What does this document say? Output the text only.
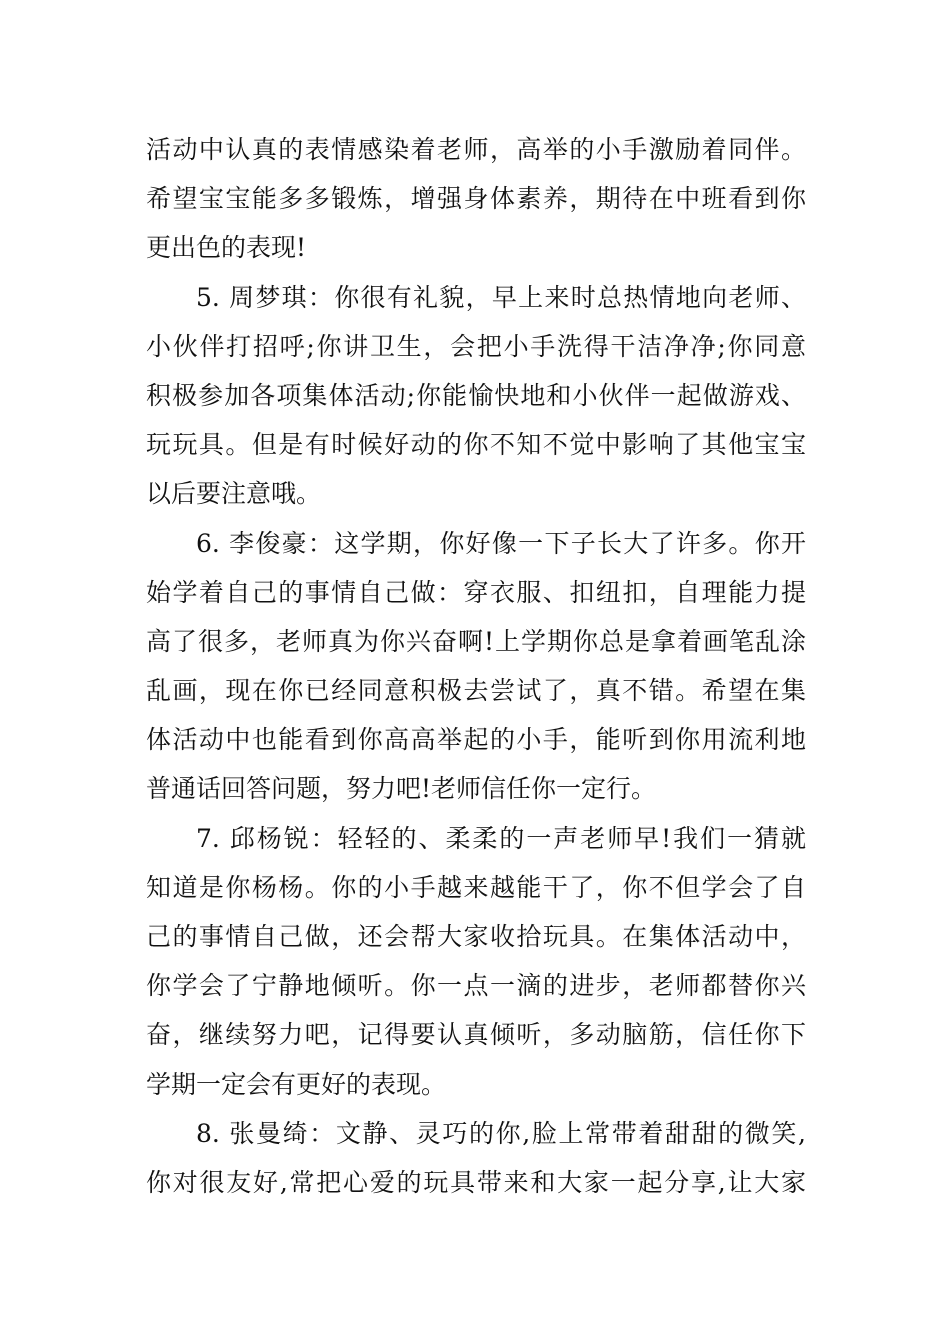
活动中认真的表情感染着老师，高举的小手激励着同伴。
希望宝宝能多多锻炼，增强身体素养，期待在中班看到你
更出色的表现!
5. 周梦琪：你很有礼貌，早上来时总热情地向老师、
小伙伴打招呼;你讲卫生，会把小手洗得干洁净净;你同意
积极参加各项集体活动;你能愉快地和小伙伴一起做游戏、
玩玩具。但是有时候好动的你不知不觉中影响了其他宝宝
以后要注意哦。
6. 李俊豪：这学期，你好像一下子长大了许多。你开
始学着自己的事情自己做：穿衣服、扣纽扣，自理能力提
高了很多，老师真为你兴奋啊!上学期你总是拿着画笔乱涂
乱画，现在你已经同意积极去尝试了，真不错。希望在集
体活动中也能看到你高高举起的小手，能听到你用流利地
普通话回答问题，努力吧!老师信任你一定行。
7. 邱杨锐：轻轻的、柔柔的一声老师早!我们一猜就
知道是你杨杨。你的小手越来越能干了，你不但学会了自
己的事情自己做，还会帮大家收拾玩具。在集体活动中，
你学会了宁静地倾听。你一点一滴的进步，老师都替你兴
奋，继续努力吧，记得要认真倾听，多动脑筋，信任你下
学期一定会有更好的表现。
8. 张曼绮：文静、灵巧的你,脸上常带着甜甜的微笑,
你对很友好,常把心爱的玩具带来和大家一起分享,让大家
